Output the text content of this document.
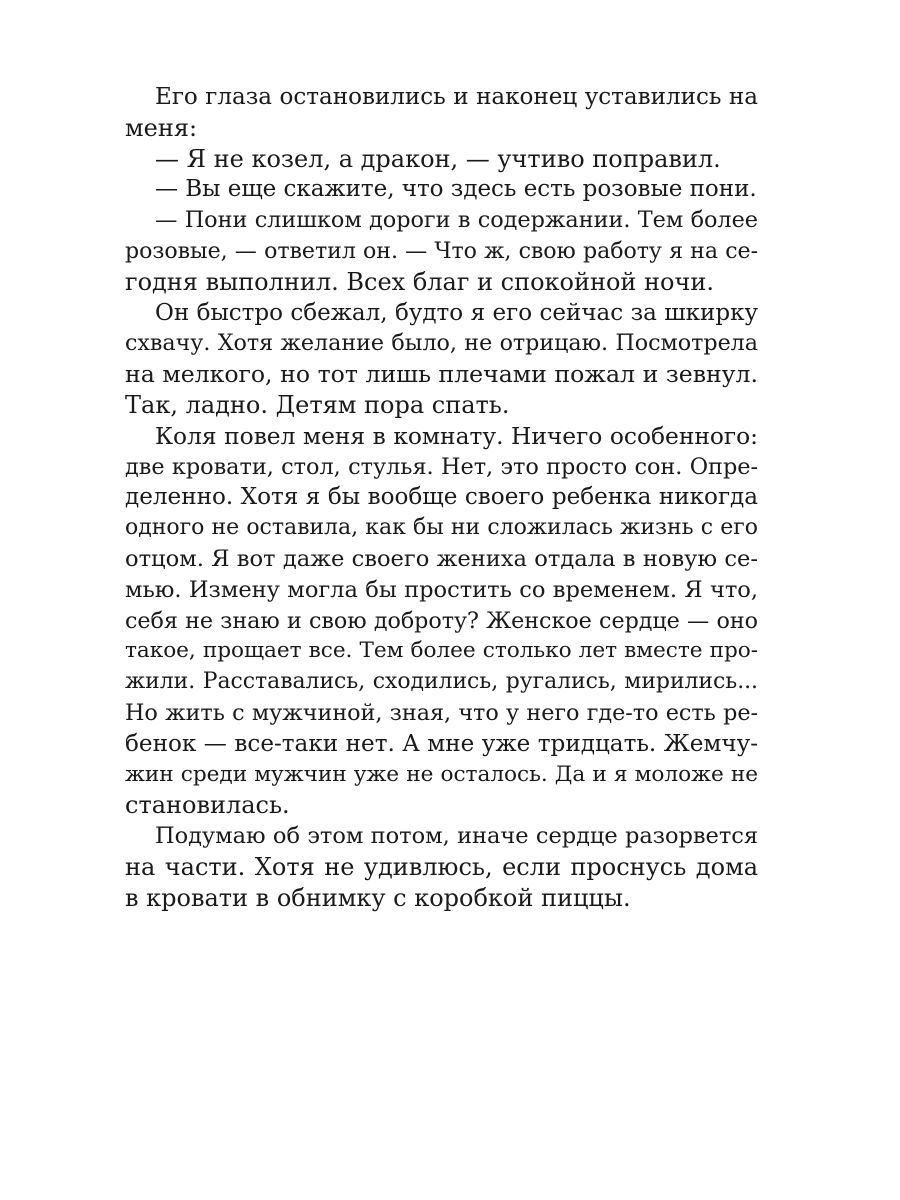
Его глаза остановились и наконец уставились на
меня:
— Я не козел, а дракон, — учтиво поправил.
— Вы еще скажите, что здесь есть розовые пони.
— Пони слишком дороги в содержании. Тем более
розовые, — ответил он. — Что ж, свою работу я на се-
годня выполнил. Всех благ и спокойной ночи.
Он быстро сбежал, будто я его сейчас за шкирку
схвачу. Хотя желание было, не отрицаю. Посмотрела
на мелкого, но тот лишь плечами пожал и зевнул.
Так, ладно. Детям пора спать.
Коля повел меня в комнату. Ничего особенного:
две кровати, стол, стулья. Нет, это просто сон. Опре-
деленно. Хотя я бы вообще своего ребенка никогда
одного не оставила, как бы ни сложилась жизнь с его
отцом. Я вот даже своего жениха отдала в новую се-
мью. Измену могла бы простить со временем. Я что,
себя не знаю и свою доброту? Женское сердце — оно
такое, прощает все. Тем более столько лет вместе про-
жили. Расставались, сходились, ругались, мирились...
Но жить с мужчиной, зная, что у него где-то есть ре-
бенок — все-таки нет. А мне уже тридцать. Жемчу-
жин среди мужчин уже не осталось. Да и я моложе не
становилась.
Подумаю об этом потом, иначе сердце разорвется
на части. Хотя не удивлюсь, если проснусь дома
в кровати в обнимку с коробкой пиццы.
